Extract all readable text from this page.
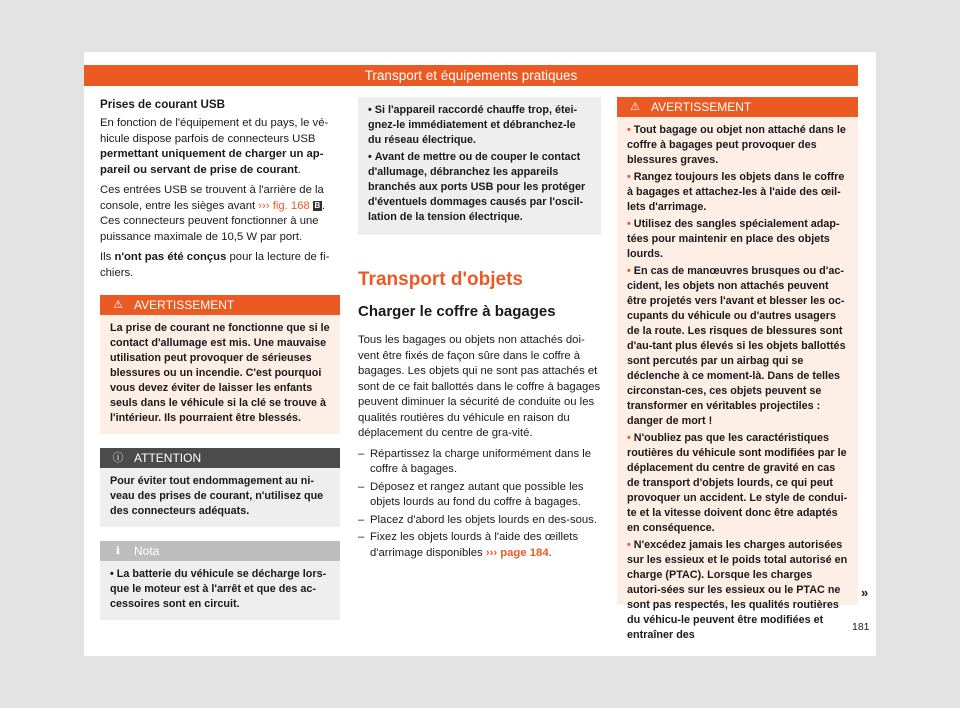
Transport et équipements pratiques

Prises de courant USB

En fonction de l'équipement et du pays, le vé-hicule dispose parfois de connecteurs USB permettant uniquement de charger un ap-pareil ou servant de prise de courant.

Ces entrées USB se trouvent à l'arrière de la console, entre les sièges avant ››› fig. 168 B . Ces connecteurs peuvent fonctionner à une puissance maximale de 10,5 W par port.

Ils n'ont pas été conçus pour la lecture de fi-chiers.

⚠ AVERTISSEMENT
La prise de courant ne fonctionne que si le contact d'allumage est mis. Une mauvaise utilisation peut provoquer de sérieuses blessures ou un incendie. C'est pourquoi vous devez éviter de laisser les enfants seuls dans le véhicule si la clé se trouve à l'intérieur. Ils pourraient être blessés.
ⓘ ATTENTION
Pour éviter tout endommagement au ni-veau des prises de courant, n'utilisez que des connecteurs adéquats.
ℹ	Nota
• La batterie du véhicule se décharge lors-que le moteur est à l'arrêt et que des ac-cessoires sont en circuit.

• Si l'appareil raccordé chauffe trop, étei-gnez-le immédiatement et débranchez-le du réseau électrique.

• Avant de mettre ou de couper le contact d'allumage, débranchez les appareils branchés aux ports USB pour les protéger d'éventuels dommages causés par l'oscil-lation de la tension électrique.

Transport d'objets

Charger le coffre à bagages

Tous les bagages ou objets non attachés doi-vent être fixés de façon sûre dans le coffre à bagages. Les objets qui ne sont pas attachés et sont de ce fait ballottés dans le coffre à bagages peuvent diminuer la sécurité de conduite ou les qualités routières du véhicule en raison du déplacement du centre de gra-vité.

– Répartissez la charge uniformément dans le coffre à bagages.
– Déposez et rangez autant que possible les objets lourds au fond du coffre à bagages.
– Placez d'abord les objets lourds en des-sous.
– Fixez les objets lourds à l'aide des œillets d'arrimage disponibles ››› page 184.
⚠ AVERTISSEMENT

• Tout bagage ou objet non attaché dans le coffre à bagages peut provoquer des blessures graves.

• Rangez toujours les objets dans le coffre à bagages et attachez-les à l'aide des œil-lets d'arrimage.

• Utilisez des sangles spécialement adap-tées pour maintenir en place des objets lourds.

• En cas de manœuvres brusques ou d'ac-cident, les objets non attachés peuvent être projetés vers l'avant et blesser les oc-cupants du véhicule ou d'autres usagers de la route. Les risques de blessures sont d'au-tant plus élevés si les objets ballottés sont percutés par un airbag qui se déclenche à ce moment-là. Dans de telles circonstan-ces, ces objets peuvent se transformer en véritables projectiles : danger de mort !

• N'oubliez pas que les caractéristiques routières du véhicule sont modifiées par le déplacement du centre de gravité en cas de transport d'objets lourds, ce qui peut provoquer un accident. Le style de condui-te et la vitesse doivent donc être adaptés en conséquence.

• N'excédez jamais les charges autorisées sur les essieux et le poids total autorisé en charge (PTAC). Lorsque les charges autori-sées sur les essieux ou le PTAC ne sont pas respectés, les qualités routières du véhicu-le peuvent être modifiées et entraîner des

»
181
